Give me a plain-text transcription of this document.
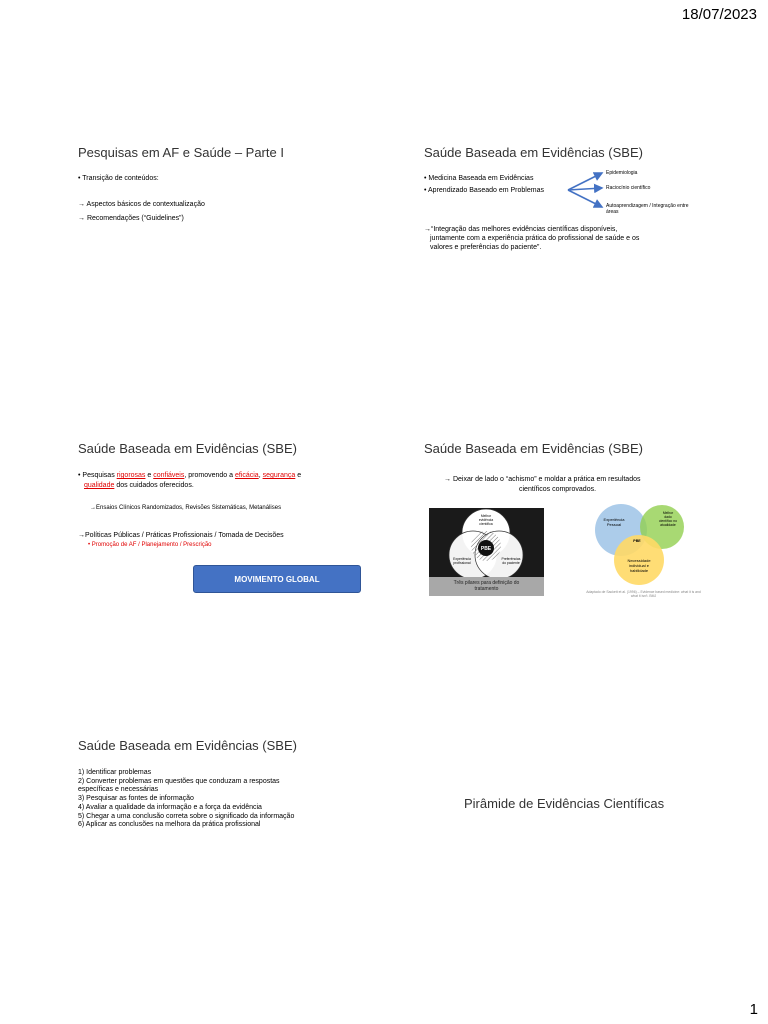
18/07/2023
Pesquisas em AF e Saúde – Parte I
• Transição de conteúdos:
→ Aspectos básicos de contextualização
→ Recomendações (“Guidelines”)
Saúde Baseada em Evidências (SBE)
• Medicina Baseada em Evidências
• Aprendizado Baseado em Problemas
Epidemiologia
Raciocínio científico
Autoaprendizagem / Integração entre
áreas
→“Integração das melhores evidências científicas disponíveis,
juntamente com a experiência prática do profissional de saúde e os
valores e preferências do paciente”.
Saúde Baseada em Evidências (SBE)
• Pesquisas rigorosas e confiáveis, promovendo a eficácia, segurança e
qualidade dos cuidados oferecidos.
→Ensaios Clínicos Randomizados, Revisões Sistemáticas, Metanálises
→Políticas Públicas / Práticas Profissionais / Tomada de Decisões
• Promoção de AF / Planejamento / Prescrição
MOVIMENTO GLOBAL
Saúde Baseada em Evidências (SBE)
→ Deixar de lado o “achismo” e moldar a prática em resultados
científicos comprovados.
PBE
Melhor
evidência
científica
Experiência
profissional
Preferências
do paciente
Três pilares para definição do
tratamento
PBE
Experiência
Pessoal
Melhor
dado
científico no
atualidade
Necessidade
individual e
habilidade
Adaptado de Sackett et al. (1996) – Evidence based medicine: what it is and what it isn't. BMJ
Saúde Baseada em Evidências (SBE)
1) Identificar problemas
2) Converter problemas em questões que conduzam a respostas
específicas e necessárias
3) Pesquisar as fontes de informação
4) Avaliar a qualidade da informação e a força da evidência
5) Chegar a uma conclusão correta sobre o significado da informação
6) Aplicar as conclusões na melhora da prática profissional
Pirâmide de Evidências Científicas
1
